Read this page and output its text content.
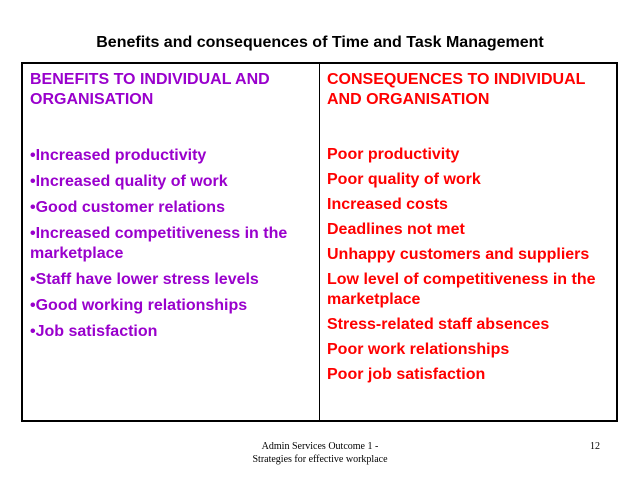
Benefits and consequences of Time and Task Management
BENEFITS TO INDIVIDUAL AND ORGANISATION
•Increased productivity
•Increased quality of work
•Good customer relations
•Increased competitiveness in the marketplace
•Staff have lower stress levels
•Good working relationships
•Job satisfaction
CONSEQUENCES TO INDIVIDUAL AND ORGANISATION
Poor productivity
Poor quality of work
Increased costs
Deadlines not met
Unhappy customers and suppliers
Low level of competitiveness in the marketplace
Stress-related staff absences
Poor work relationships
Poor job satisfaction
Admin Services Outcome 1 -
Strategies for effective workplace
12
